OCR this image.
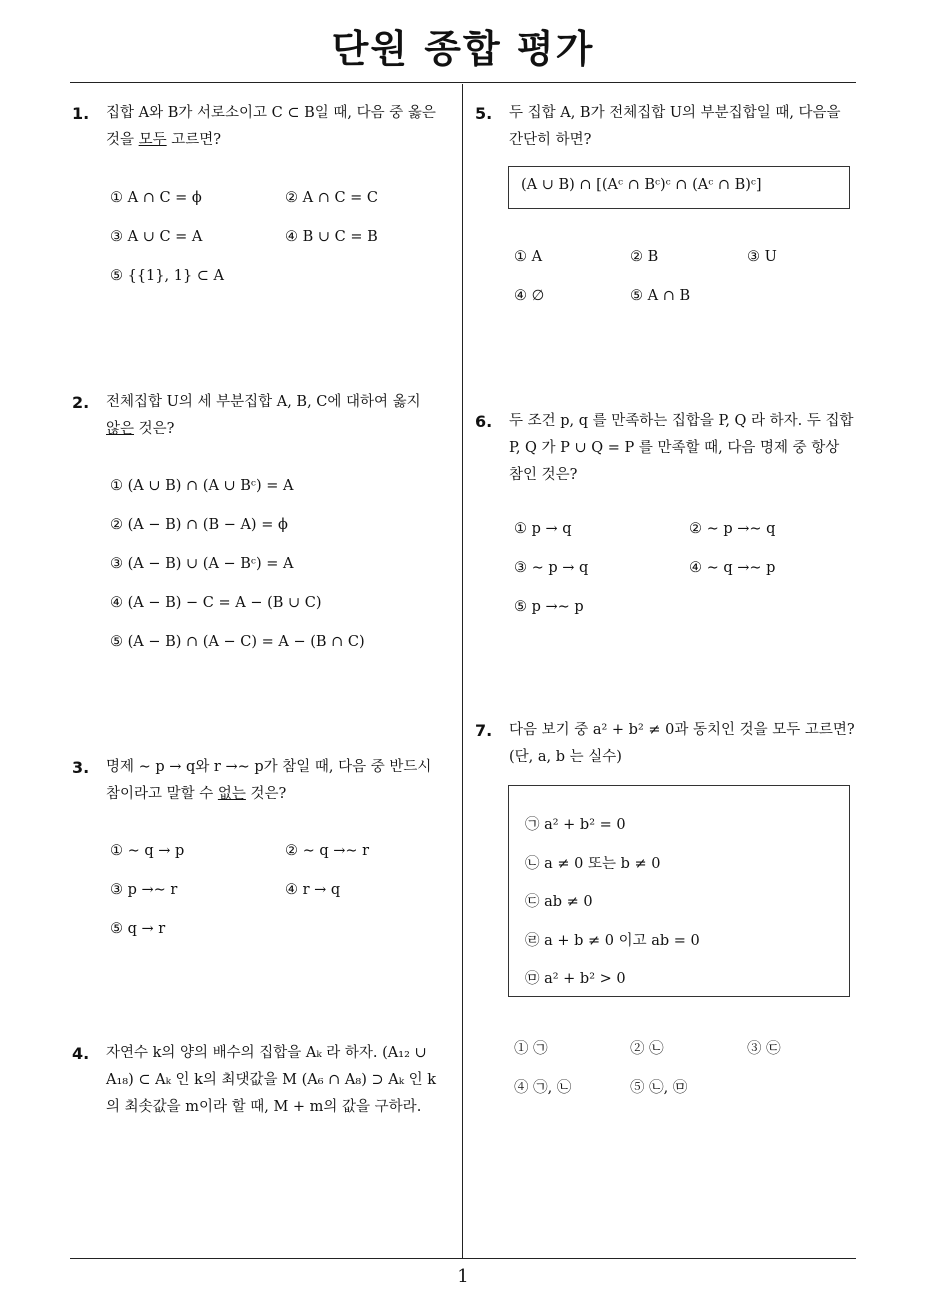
단원 종합 평가
1
1. 집합 A와 B가 서로소이고 C ⊂ B일 때, 다음 중 옳은
것을 모두 고르면?
① A ∩ C = ϕ	② A ∩ C = C
③ A ∪ C = A	④ B ∪ C = B
⑤ {{1}, 1} ⊂ A
2. 전체집합 U의 세 부분집합 A, B, C에 대하여 옳지
않은 것은?
① (A ∪ B) ∩ (A ∪ Bᶜ) = A
② (A − B) ∩ (B − A) = ϕ
③ (A − B) ∪ (A − Bᶜ) = A
④ (A − B) − C = A − (B ∪ C)
⑤ (A − B) ∩ (A − C) = A − (B ∩ C)
3. 명제 ∼ p → q와 r →∼ p가 참일 때, 다음 중 반드시
참이라고 말할 수 없는 것은?
① ∼ q → p	② ∼ q →∼ r
③ p →∼ r	④ r → q
⑤ q → r
4. 자연수 k의 양의 배수의 집합을 Aₖ 라 하자. (A₁₂ ∪
A₁₈) ⊂ Aₖ 인 k의 최댓값을 M (A₆ ∩ A₈) ⊃ Aₖ 인 k
의 최솟값을 m이라 할 때, M + m의 값을 구하라.
5. 두 집합 A, B가 전체집합 U의 부분집합일 때, 다음을
간단히 하면?
(A ∪ B) ∩ [(Aᶜ ∩ Bᶜ)ᶜ ∩ (Aᶜ ∩ B)ᶜ]
① A	② B	③ U
④ ∅	⑤ A ∩ B
6. 두 조건 p, q 를 만족하는 집합을 P, Q 라 하자. 두 집합
P, Q 가 P ∪ Q = P 를 만족할 때, 다음 명제 중 항상
참인 것은?
① p → q	② ∼ p →∼ q
③ ∼ p → q	④ ∼ q →∼ p
⑤ p →∼ p
7. 다음 보기 중 a² + b² ≠ 0과 동치인 것을 모두 고르면?
(단, a, b 는 실수)
㉠ a² + b² = 0
㉡ a ≠ 0 또는 b ≠ 0
㉢ ab ≠ 0
㉣ a + b ≠ 0 이고 ab = 0
㉤ a² + b² > 0
① ㉠	② ㉡	③ ㉢
④ ㉠, ㉡	⑤ ㉡, ㉤
